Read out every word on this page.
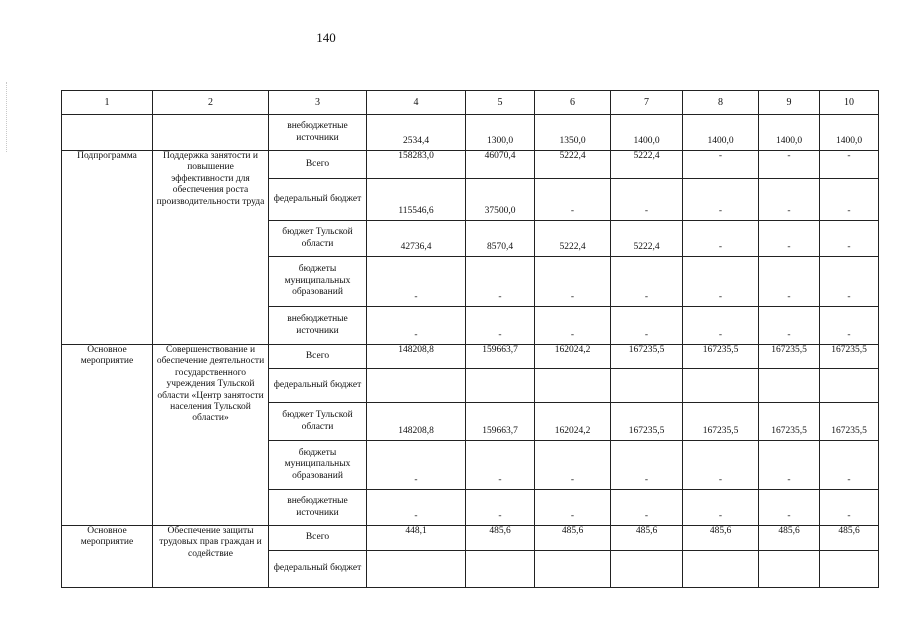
140
1	2	3	4	5	6	7	8	9	10
		внебюджетные источники	2534,4	1300,0	1350,0	1400,0	1400,0	1400,0	1400,0
Подпрограмма	Поддержка занятости и повышение эффективности для обеспечения роста производительности труда	Всего	158283,0	46070,4	5222,4	5222,4	-	-	-
		федеральный бюджет	115546,6	37500,0	-	-	-	-	-
		бюджет Тульской области	42736,4	8570,4	5222,4	5222,4	-	-	-
		бюджеты муниципальных образований	-	-	-	-	-	-	-
		внебюджетные источники	-	-	-	-	-	-	-
Основное мероприятие	Совершенствование и обеспечение деятельности государственного учреждения Тульской области «Центр занятости населения Тульской области»	Всего	148208,8	159663,7	162024,2	167235,5	167235,5	167235,5	167235,5
		федеральный бюджет							
		бюджет Тульской области	148208,8	159663,7	162024,2	167235,5	167235,5	167235,5	167235,5
		бюджеты муниципальных образований	-	-	-	-	-	-	-
		внебюджетные источники	-	-	-	-	-	-	-
Основное мероприятие	Обеспечение защиты трудовых прав граждан и содействие	Всего	448,1	485,6	485,6	485,6	485,6	485,6	485,6
		федеральный бюджет							
